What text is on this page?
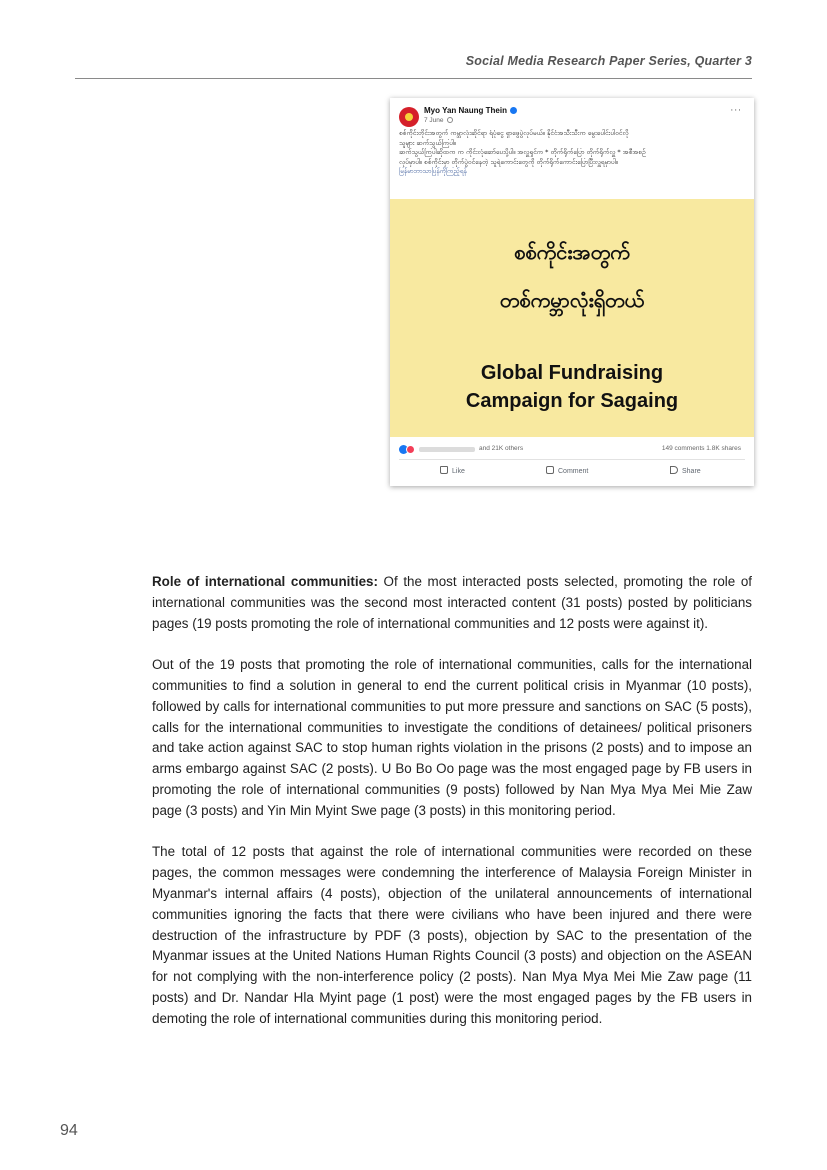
Social Media Research Paper Series, Quarter 3
Myo Yan Naung Thein
7 June
···
စစ်ကိုင်းတိုင်းအတွက် ကမ္ဘာလုံးဆိုင်ရာ ရံပုံငွေ ရှာဖွေပွဲလုပ်မယ်။ နိုင်ငံအသီးသီးက မွေးပေါင်းပါဝင်လို
သူများ ဆက်သွယ်ကြပါ။
ဆက်သွယ်ကြပါဆိုထက က ကိုင်းလုံဆော်ပေးပို့ပါ။ အလှူရှင်က * တိုက်ရိုက်ပြော တိုက်ရိုက်လှူ * အစီအစဉ်
လုပ်မှာပါ။ စစ်ကိုင်းမှာ တိုက်ပွဲဝင်နေတဲ့ သူရဲကောင်းတွေကို တိုက်ရိုက်ကောင်းပြောပြီးလှူရမှာပါ။
မြန်မာဘာသာပြန်ကိုကြည့်ရန်
စစ်ကိုင်းအတွက်
တစ်ကမ္ဘာလုံးရှိတယ်
Global Fundraising
Campaign for Sagaing
and 21K others	149 comments 1.8K shares
Like	Comment	Share

Role of international communities: Of the most interacted posts selected, promoting the role of international communities was the second most interacted content (31 posts) posted by politicians pages (19 posts promoting the role of international communities and 12 posts were against it).

Out of the 19 posts that promoting the role of international communities, calls for the international communities to find a solution in general to end the current political crisis in Myanmar (10 posts), followed by calls for international communities to put more pressure and sanctions on SAC (5 posts), calls for the international communities to investigate the conditions of detainees/ political prisoners and take action against SAC to stop human rights violation in the prisons (2 posts) and to impose an arms embargo against SAC (2 posts). U Bo Bo Oo page was the most engaged page by FB users in promoting the role of international communities (9 posts) followed by Nan Mya Mya Mei Mie Zaw page (3 posts) and Yin Min Myint Swe page (3 posts) in this monitoring period.

The total of 12 posts that against the role of international communities were recorded on these pages, the common messages were condemning the interference of Malaysia Foreign Minister in Myanmar's internal affairs (4 posts), objection of the unilateral announcements of international communities ignoring the facts that there were civilians who have been injured and there were destruction of the infrastructure by PDF (3 posts), objection by SAC to the presentation of the Myanmar issues at the United Nations Human Rights Council (3 posts) and objection on the ASEAN for not complying with the non-interference policy (2 posts). Nan Mya Mya Mei Mie Zaw page (11 posts) and Dr. Nandar Hla Myint page (1 post) were the most engaged pages by the FB users in demoting the role of international communities during this monitoring period.

94
